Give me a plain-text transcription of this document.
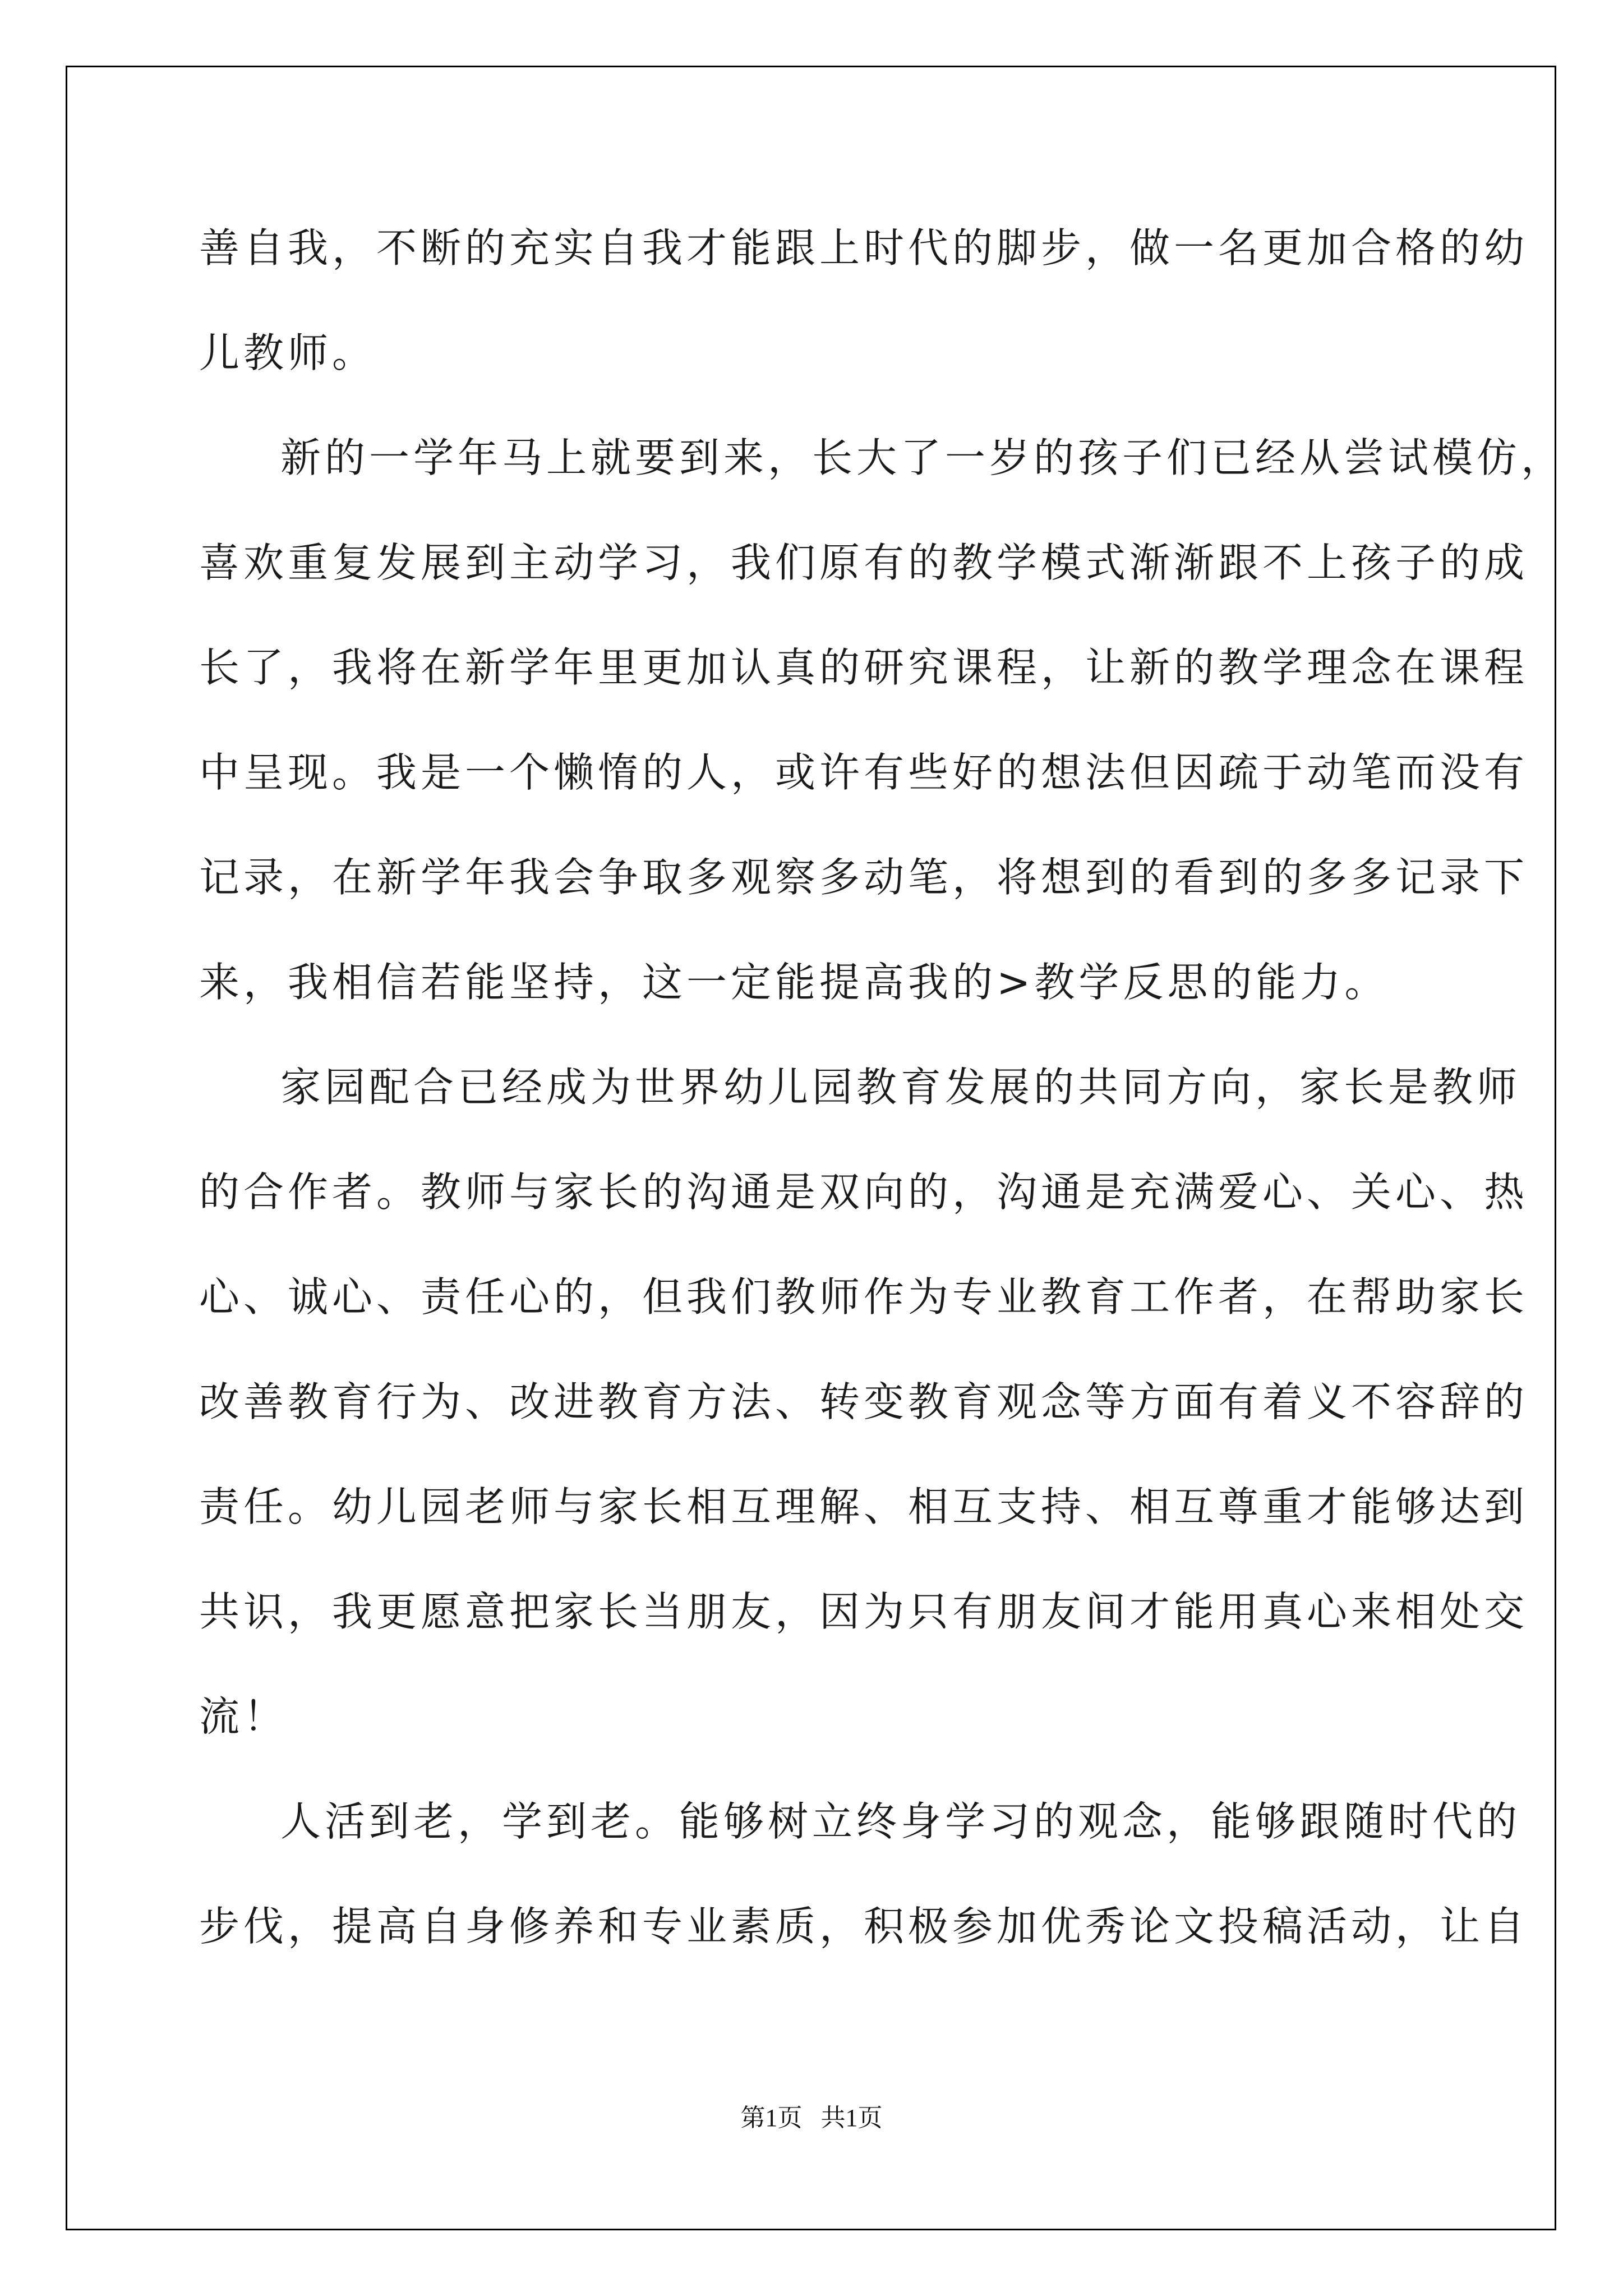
善自我，不断的充实自我才能跟上时代的脚步，做一名更加合格的幼
儿教师。
新的一学年马上就要到来，长大了一岁的孩子们已经从尝试模仿，
喜欢重复发展到主动学习，我们原有的教学模式渐渐跟不上孩子的成
长了，我将在新学年里更加认真的研究课程，让新的教学理念在课程
中呈现。我是一个懒惰的人，或许有些好的想法但因疏于动笔而没有
记录，在新学年我会争取多观察多动笔，将想到的看到的多多记录下
来，我相信若能坚持，这一定能提高我的>教学反思的能力。
家园配合已经成为世界幼儿园教育发展的共同方向，家长是教师
的合作者。教师与家长的沟通是双向的，沟通是充满爱心、关心、热
心、诚心、责任心的，但我们教师作为专业教育工作者，在帮助家长
改善教育行为、改进教育方法、转变教育观念等方面有着义不容辞的
责任。幼儿园老师与家长相互理解、相互支持、相互尊重才能够达到
共识，我更愿意把家长当朋友，因为只有朋友间才能用真心来相处交
流！
人活到老，学到老。能够树立终身学习的观念，能够跟随时代的
步伐，提高自身修养和专业素质，积极参加优秀论文投稿活动，让自
第1页   共1页
